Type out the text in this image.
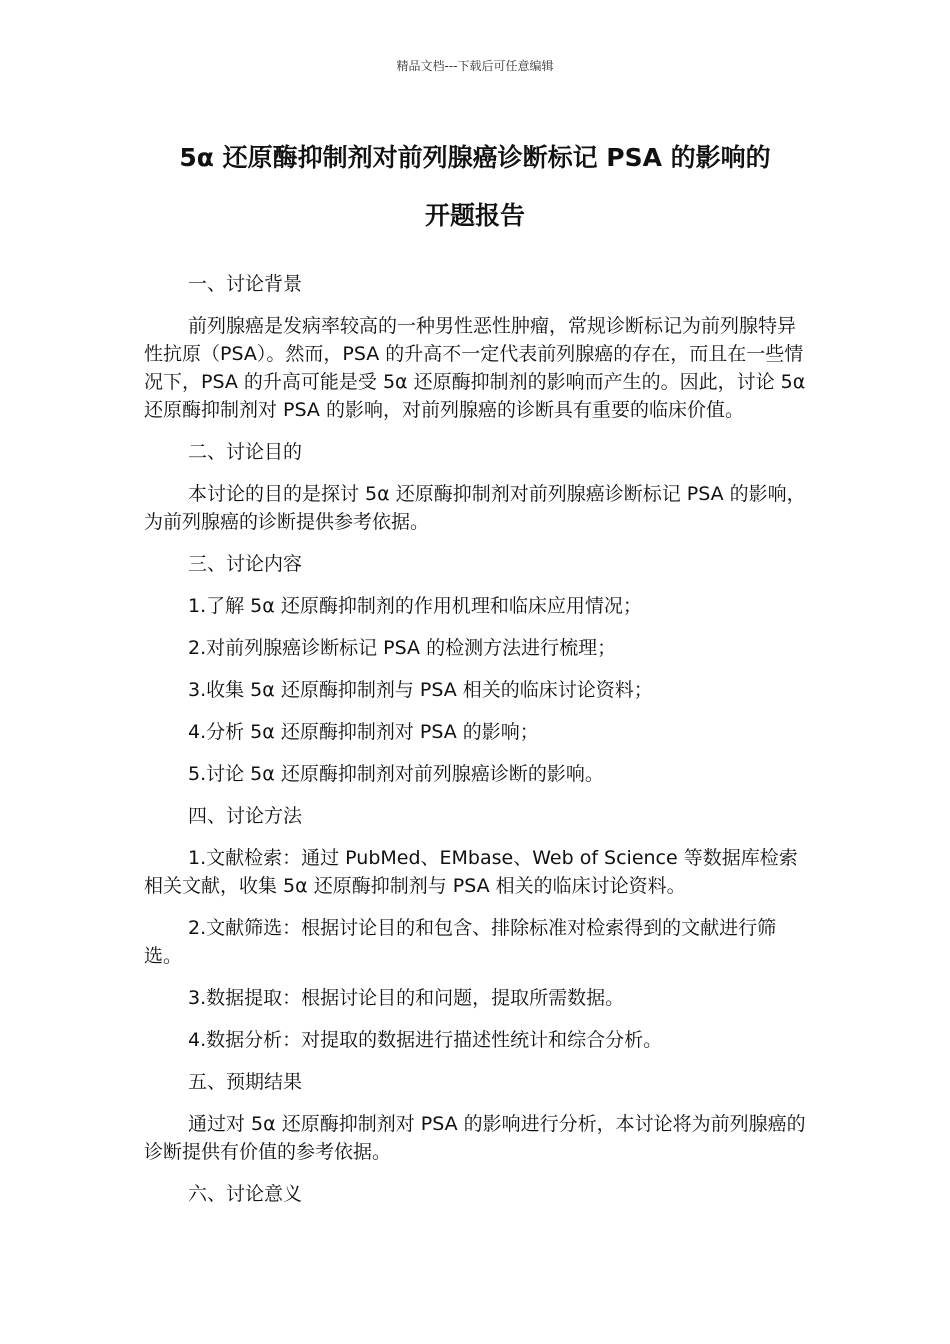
精品文档---下载后可任意编辑
5α 还原酶抑制剂对前列腺癌诊断标记 PSA 的影响的
开题报告
一、讨论背景

前列腺癌是发病率较高的一种男性恶性肿瘤，常规诊断标记为前列腺特异性抗原（PSA）。然而，PSA 的升高不一定代表前列腺癌的存在，而且在一些情况下，PSA 的升高可能是受 5α 还原酶抑制剂的影响而产生的。因此，讨论 5α 还原酶抑制剂对 PSA 的影响，对前列腺癌的诊断具有重要的临床价值。

二、讨论目的

本讨论的目的是探讨 5α 还原酶抑制剂对前列腺癌诊断标记 PSA 的影响，为前列腺癌的诊断提供参考依据。

三、讨论内容

1.了解 5α 还原酶抑制剂的作用机理和临床应用情况；

2.对前列腺癌诊断标记 PSA 的检测方法进行梳理；

3.收集 5α 还原酶抑制剂与 PSA 相关的临床讨论资料；

4.分析 5α 还原酶抑制剂对 PSA 的影响；

5.讨论 5α 还原酶抑制剂对前列腺癌诊断的影响。

四、讨论方法

1.文献检索：通过 PubMed、EMbase、Web of Science 等数据库检索相关文献，收集 5α 还原酶抑制剂与 PSA 相关的临床讨论资料。

2.文献筛选：根据讨论目的和包含、排除标准对检索得到的文献进行筛选。

3.数据提取：根据讨论目的和问题，提取所需数据。

4.数据分析：对提取的数据进行描述性统计和综合分析。

五、预期结果

通过对 5α 还原酶抑制剂对 PSA 的影响进行分析，本讨论将为前列腺癌的诊断提供有价值的参考依据。

六、讨论意义
